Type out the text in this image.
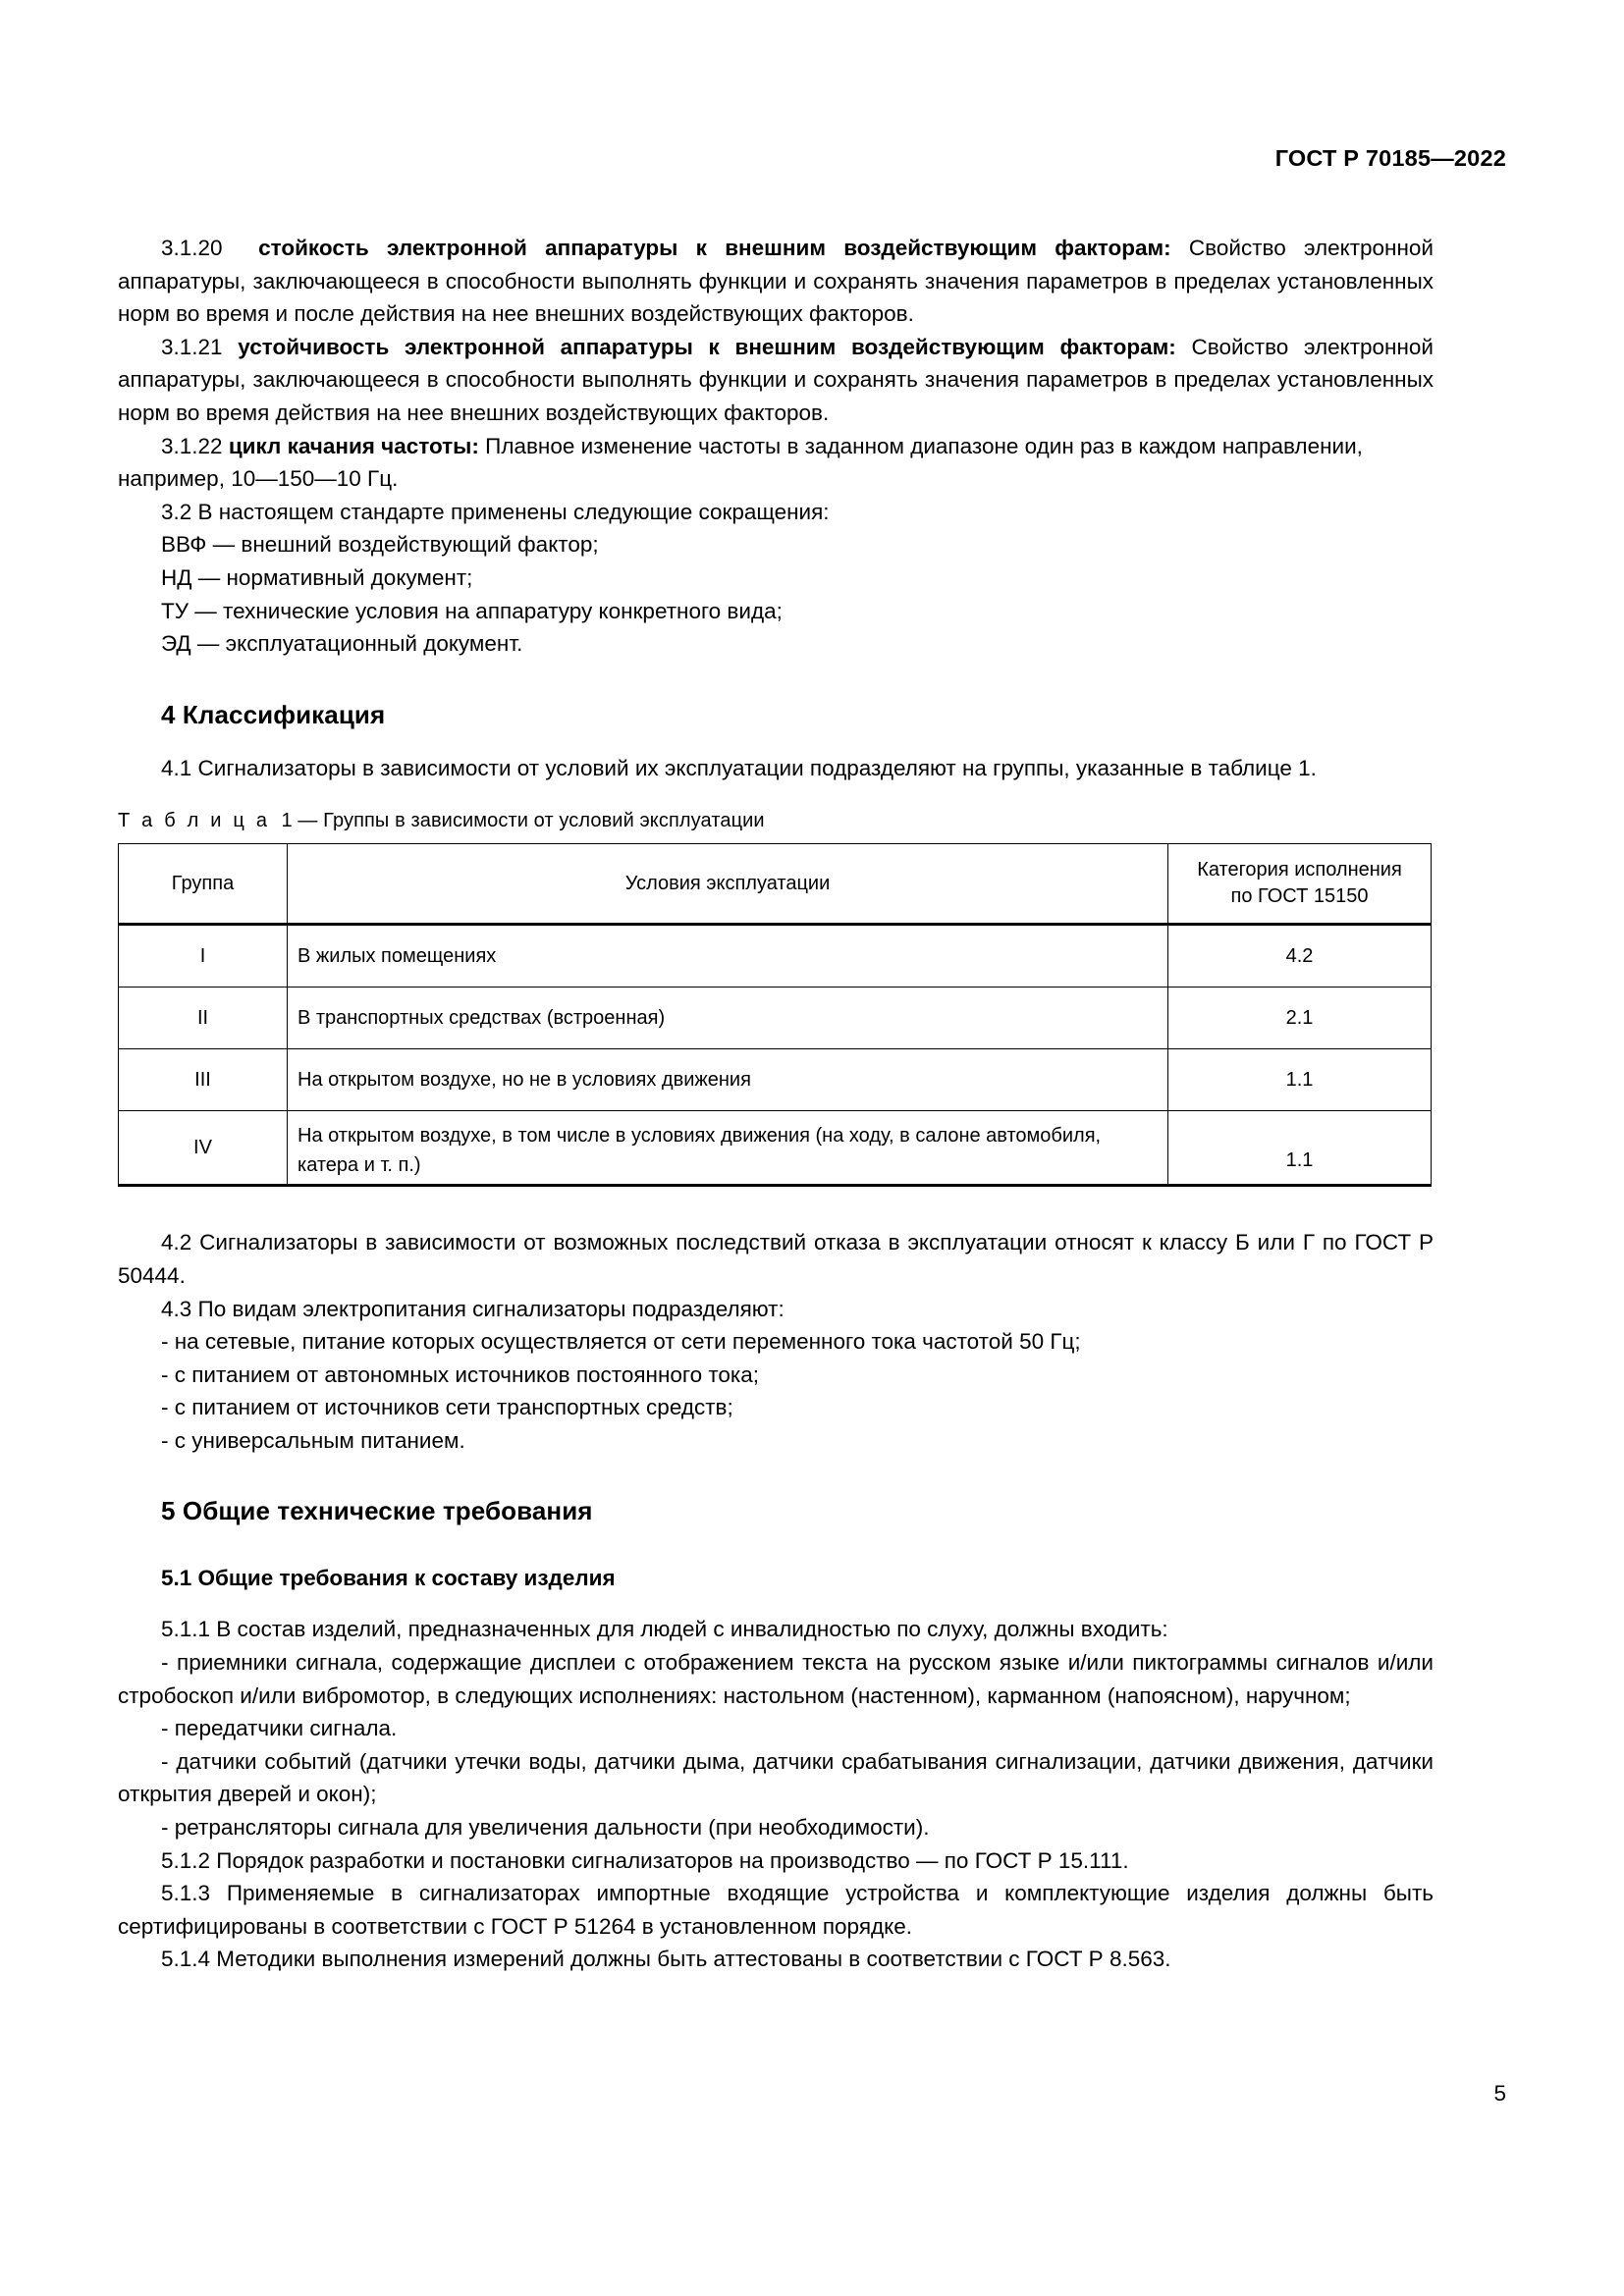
ГОСТ Р 70185—2022

3.1.20 стойкость электронной аппаратуры к внешним воздействующим факторам: Свойство электронной аппаратуры, заключающееся в способности выполнять функции и сохранять значения параметров в пределах установленных норм во время и после действия на нее внешних воздействующих факторов.

3.1.21 устойчивость электронной аппаратуры к внешним воздействующим факторам: Свойство электронной аппаратуры, заключающееся в способности выполнять функции и сохранять значения параметров в пределах установленных норм во время действия на нее внешних воздействующих факторов.

3.1.22 цикл качания частоты: Плавное изменение частоты в заданном диапазоне один раз в каждом направлении, например, 10—150—10 Гц.

3.2 В настоящем стандарте применены следующие сокращения:

ВВФ — внешний воздействующий фактор;

НД — нормативный документ;

ТУ — технические условия на аппаратуру конкретного вида;

ЭД — эксплуатационный документ.

4 Классификация

4.1 Сигнализаторы в зависимости от условий их эксплуатации подразделяют на группы, указанные в таблице 1.

Т а б л и ц а 1 — Группы в зависимости от условий эксплуатации

Группа	Условия эксплуатации	Категория исполнения
по ГОСТ 15150
I	В жилых помещениях	4.2
II	В транспортных средствах (встроенная)	2.1
III	На открытом воздухе, но не в условиях движения	1.1
IV	На открытом воздухе, в том числе в условиях движения (на ходу, в салоне автомобиля, катера и т. п.)	1.1

4.2 Сигнализаторы в зависимости от возможных последствий отказа в эксплуатации относят к классу Б или Г по ГОСТ Р 50444.

4.3 По видам электропитания сигнализаторы подразделяют:

- на сетевые, питание которых осуществляется от сети переменного тока частотой 50 Гц;

- с питанием от автономных источников постоянного тока;

- с питанием от источников сети транспортных средств;

- с универсальным питанием.

5 Общие технические требования
5.1 Общие требования к составу изделия

5.1.1 В состав изделий, предназначенных для людей с инвалидностью по слуху, должны входить:

- приемники сигнала, содержащие дисплеи с отображением текста на русском языке и/или пиктограммы сигналов и/или стробоскоп и/или вибромотор, в следующих исполнениях: настольном (настенном), карманном (напоясном), наручном;

- передатчики сигнала.

- датчики событий (датчики утечки воды, датчики дыма, датчики срабатывания сигнализации, датчики движения, датчики открытия дверей и окон);

- ретрансляторы сигнала для увеличения дальности (при необходимости).

5.1.2 Порядок разработки и постановки сигнализаторов на производство — по ГОСТ Р 15.111.

5.1.3 Применяемые в сигнализаторах импортные входящие устройства и комплектующие изделия должны быть сертифицированы в соответствии с ГОСТ Р 51264 в установленном порядке.

5.1.4 Методики выполнения измерений должны быть аттестованы в соответствии с ГОСТ Р 8.563.

5
